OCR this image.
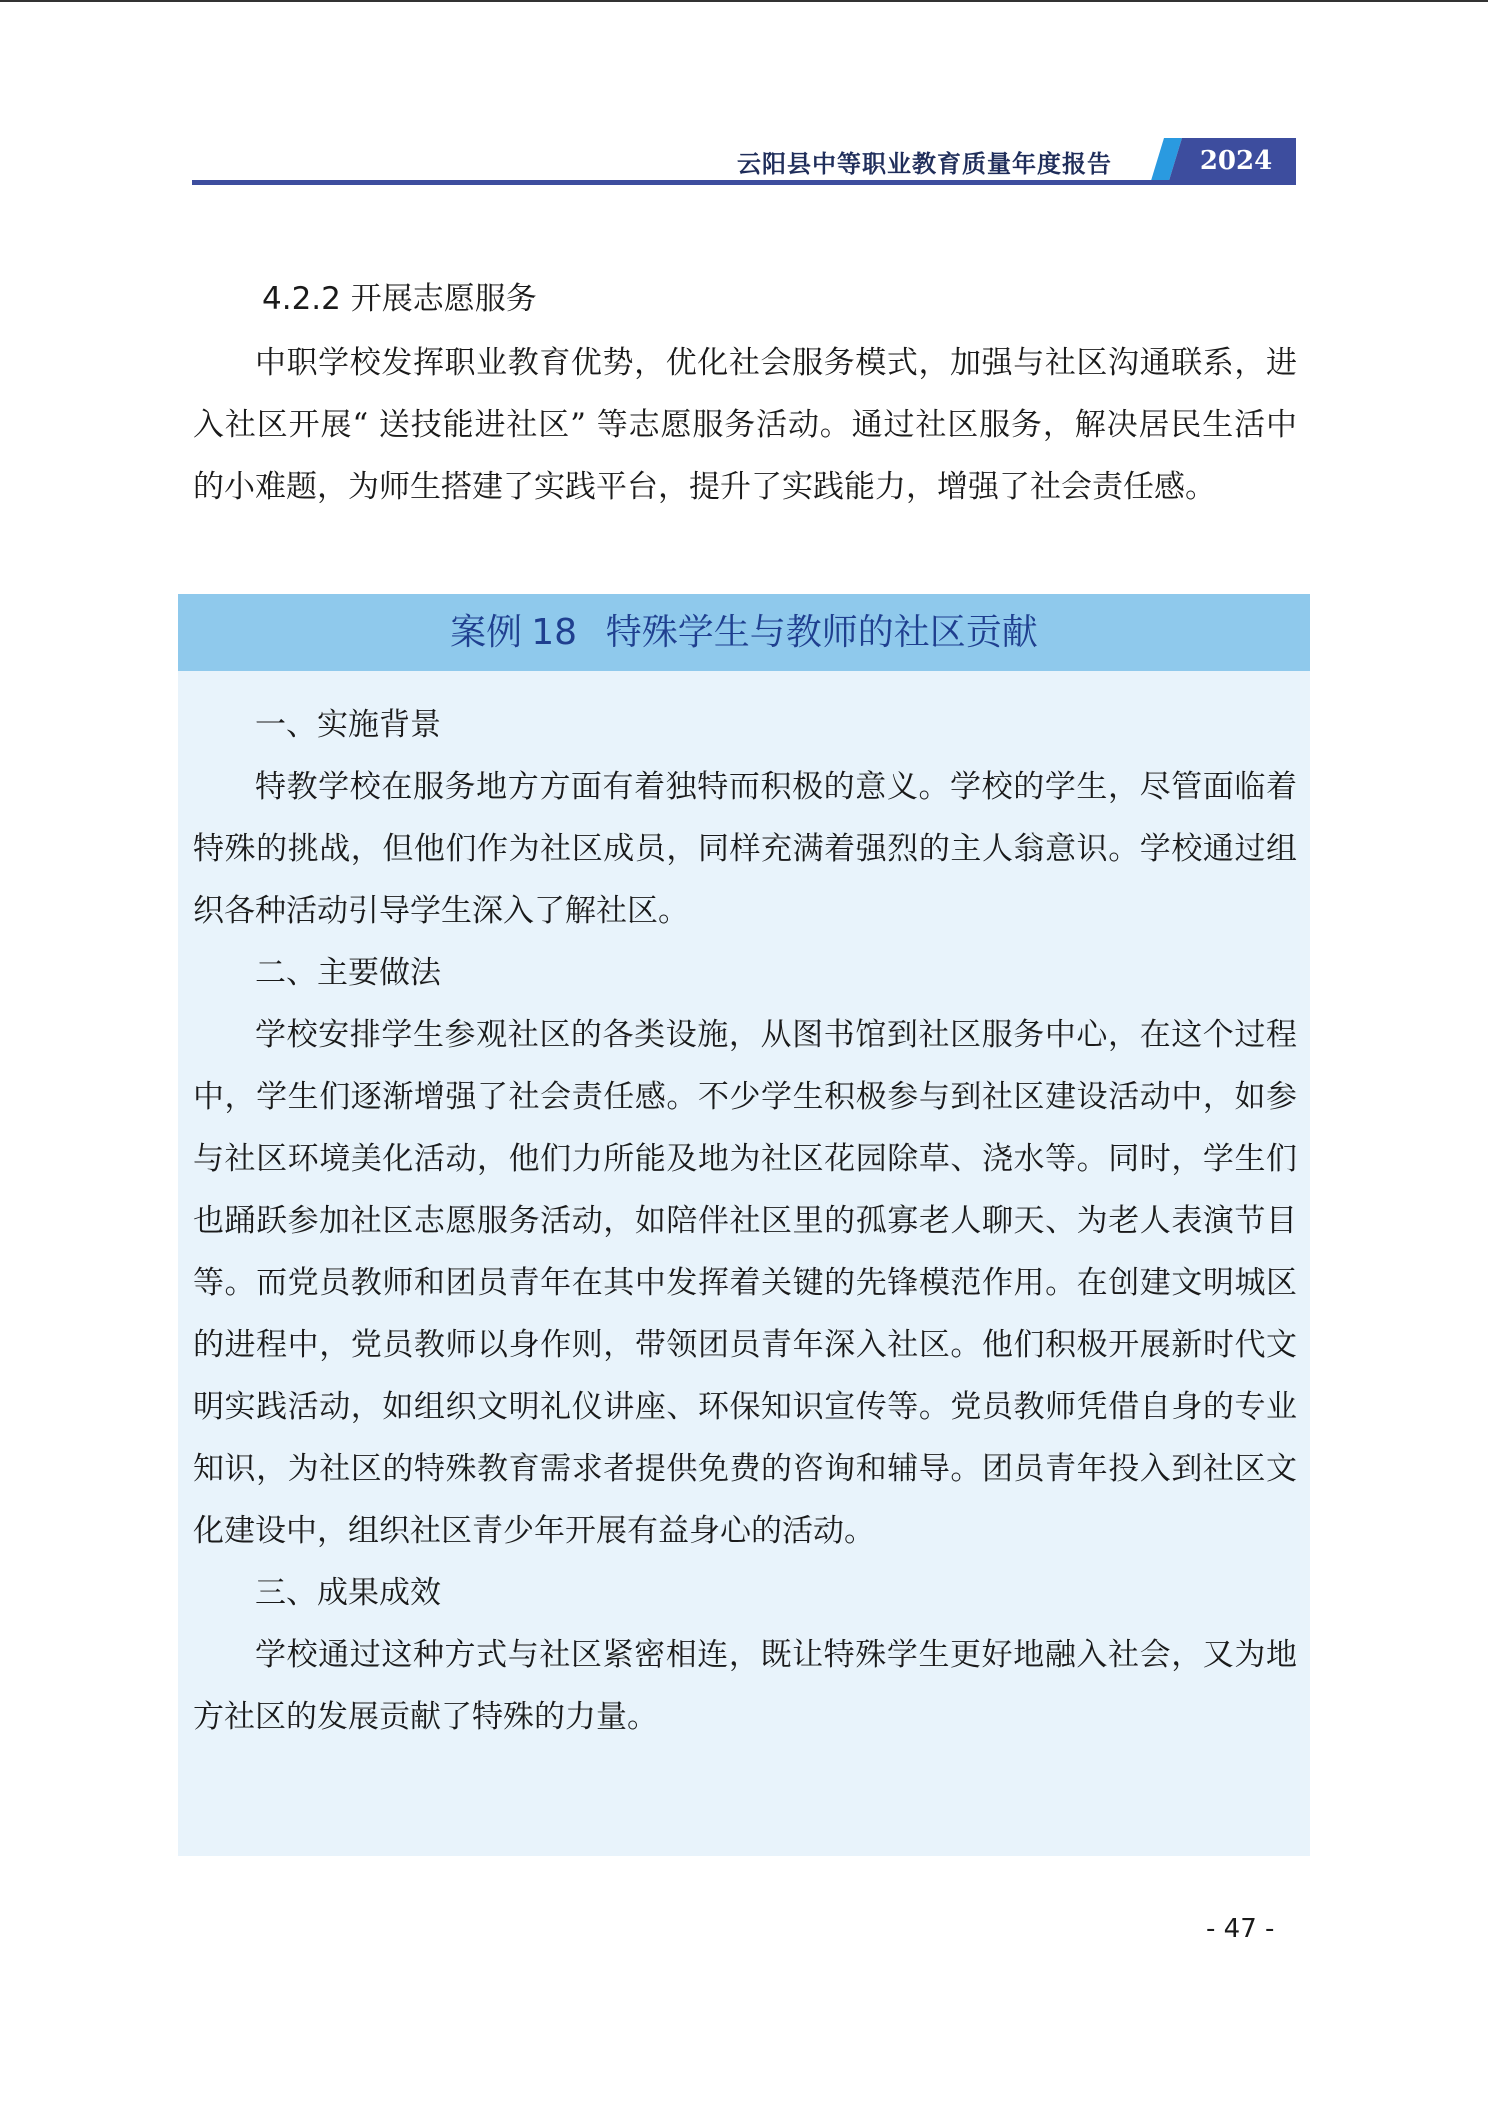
云阳县中等职业教育质量年度报告	2024
4.2.2 开展志愿服务

中职学校发挥职业教育优势，优化社会服务模式，加强与社区沟通联系，进入社区开展“ 送技能进社区” 等志愿服务活动。通过社区服务，解决居民生活中的小难题，为师生搭建了实践平台，提升了实践能力，增强了社会责任感。

案例 18 特殊学生与教师的社区贡献

一、实施背景

特教学校在服务地方方面有着独特而积极的意义。学校的学生，尽管面临着特殊的挑战，但他们作为社区成员，同样充满着强烈的主人翁意识。学校通过组织各种活动引导学生深入了解社区。

二、主要做法

学校安排学生参观社区的各类设施，从图书馆到社区服务中心，在这个过程中，学生们逐渐增强了社会责任感。不少学生积极参与到社区建设活动中，如参与社区环境美化活动，他们力所能及地为社区花园除草、浇水等。同时，学生们也踊跃参加社区志愿服务活动，如陪伴社区里的孤寡老人聊天、为老人表演节目等。而党员教师和团员青年在其中发挥着关键的先锋模范作用。在创建文明城区的进程中，党员教师以身作则，带领团员青年深入社区。他们积极开展新时代文明实践活动，如组织文明礼仪讲座、环保知识宣传等。党员教师凭借自身的专业知识，为社区的特殊教育需求者提供免费的咨询和辅导。团员青年投入到社区文化建设中，组织社区青少年开展有益身心的活动。

三、成果成效

学校通过这种方式与社区紧密相连，既让特殊学生更好地融入社会，又为地方社区的发展贡献了特殊的力量。

- 47 -
